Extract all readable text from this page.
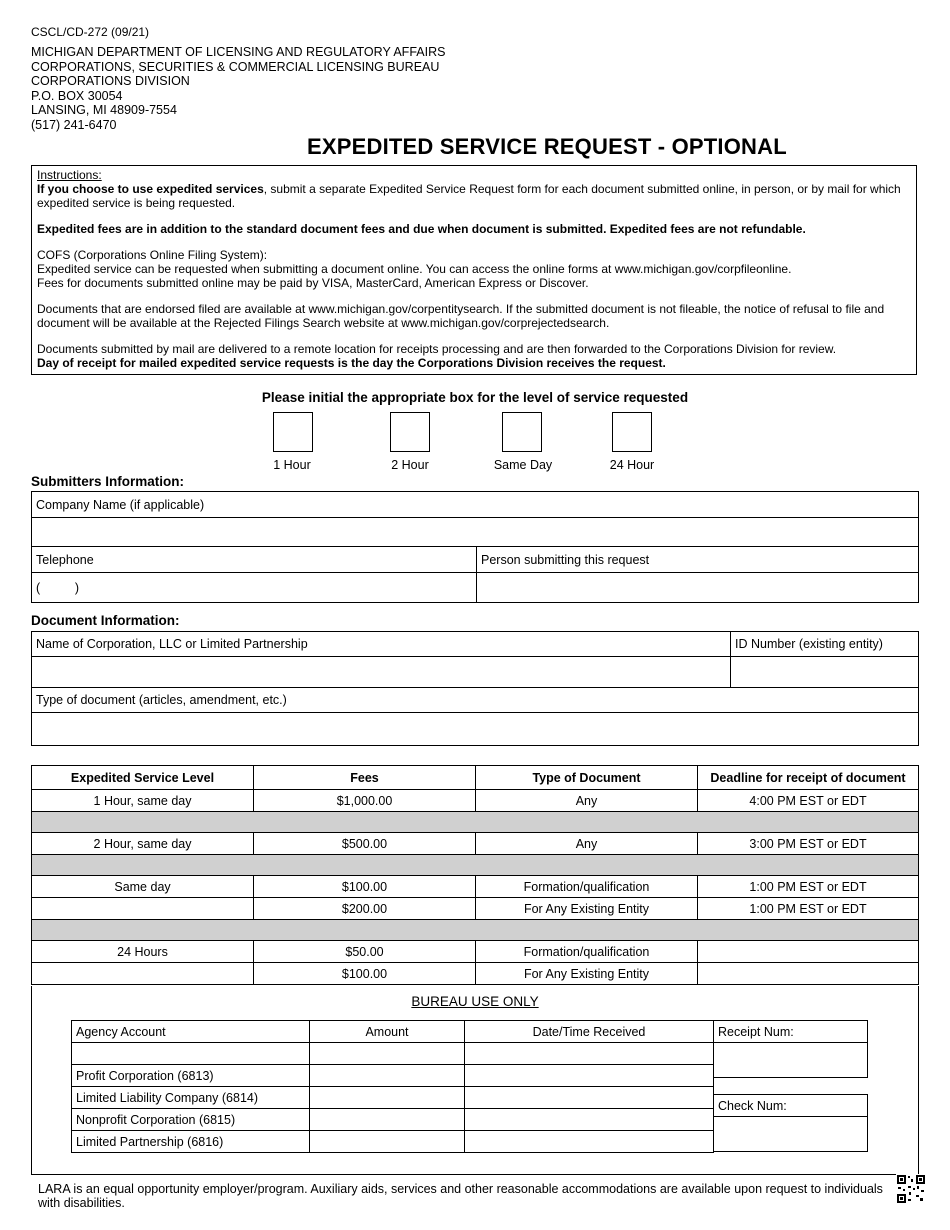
CSCL/CD-272 (09/21)
MICHIGAN DEPARTMENT OF LICENSING AND REGULATORY AFFAIRS
CORPORATIONS, SECURITIES & COMMERCIAL LICENSING BUREAU
CORPORATIONS DIVISION
P.O. BOX 30054
LANSING, MI 48909-7554
(517) 241-6470
EXPEDITED SERVICE REQUEST - OPTIONAL

Instructions:

If you choose to use expedited services, submit a separate Expedited Service Request form for each document submitted online, in person, or by mail for which expedited service is being requested.

Expedited fees are in addition to the standard document fees and due when document is submitted. Expedited fees are not refundable.

COFS (Corporations Online Filing System):

Expedited service can be requested when submitting a document online. You can access the online forms at www.michigan.gov/corpfileonline.

Fees for documents submitted online may be paid by VISA, MasterCard, American Express or Discover.

Documents that are endorsed filed are available at www.michigan.gov/corpentitysearch. If the submitted document is not fileable, the notice of refusal to file and document will be available at the Rejected Filings Search website at www.michigan.gov/corprejectedsearch.

Documents submitted by mail are delivered to a remote location for receipts processing and are then forwarded to the Corporations Division for review.

Day of receipt for mailed expedited service requests is the day the Corporations Division receives the request.

Please initial the appropriate box for the level of service requested
1 Hour	2 Hour	Same Day	24 Hour
Submitters Information:
Company Name (if applicable)	

Telephone	Person submitting this request
(          )	
Document Information:
Name of Corporation, LLC or Limited Partnership	ID Number (existing entity)

Type of document (articles, amendment, etc.)	

Expedited Service Level	Fees	Type of Document	Deadline for receipt of document
1 Hour, same day	$1,000.00	Any	4:00 PM EST or EDT

2 Hour, same day	$500.00	Any	3:00 PM EST or EDT

Same day	$100.00	Formation/qualification	1:00 PM EST or EDT
	$200.00	For Any Existing Entity	1:00 PM EST or EDT

24 Hours	$50.00	Formation/qualification	
	$100.00	For Any Existing Entity	
BUREAU USE ONLY
Agency Account	Amount	Date/Time Received

Profit Corporation (6813)		
Limited Liability Company (6814)		
Nonprofit Corporation (6815)		
Limited Partnership (6816)		
Receipt Num:

Check Num:

LARA is an equal opportunity employer/program. Auxiliary aids, services and other reasonable accommodations are available upon request to individuals with disabilities.
